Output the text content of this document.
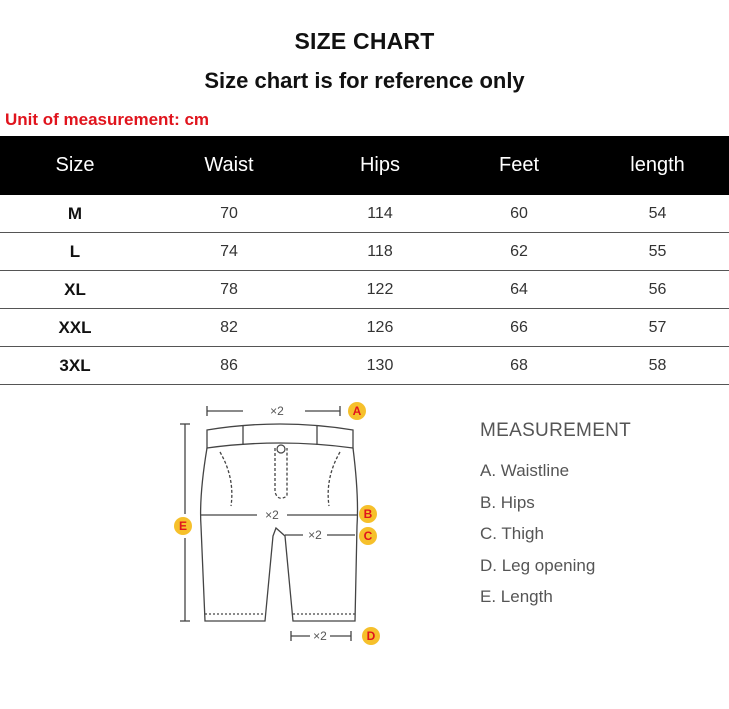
SIZE CHART
Size chart is for reference only
Unit of measurement: cm
Size	Waist	Hips	Feet	length
M	70	114	60	54
L	74	118	62	55
XL	78	122	64	56
XXL	82	126	66	57
3XL	86	130	68	58
×2
×2
×2
×2
A
B
C
D
E
MEASUREMENT
A. Waistline
B. Hips
C. Thigh
D. Leg opening
E. Length
